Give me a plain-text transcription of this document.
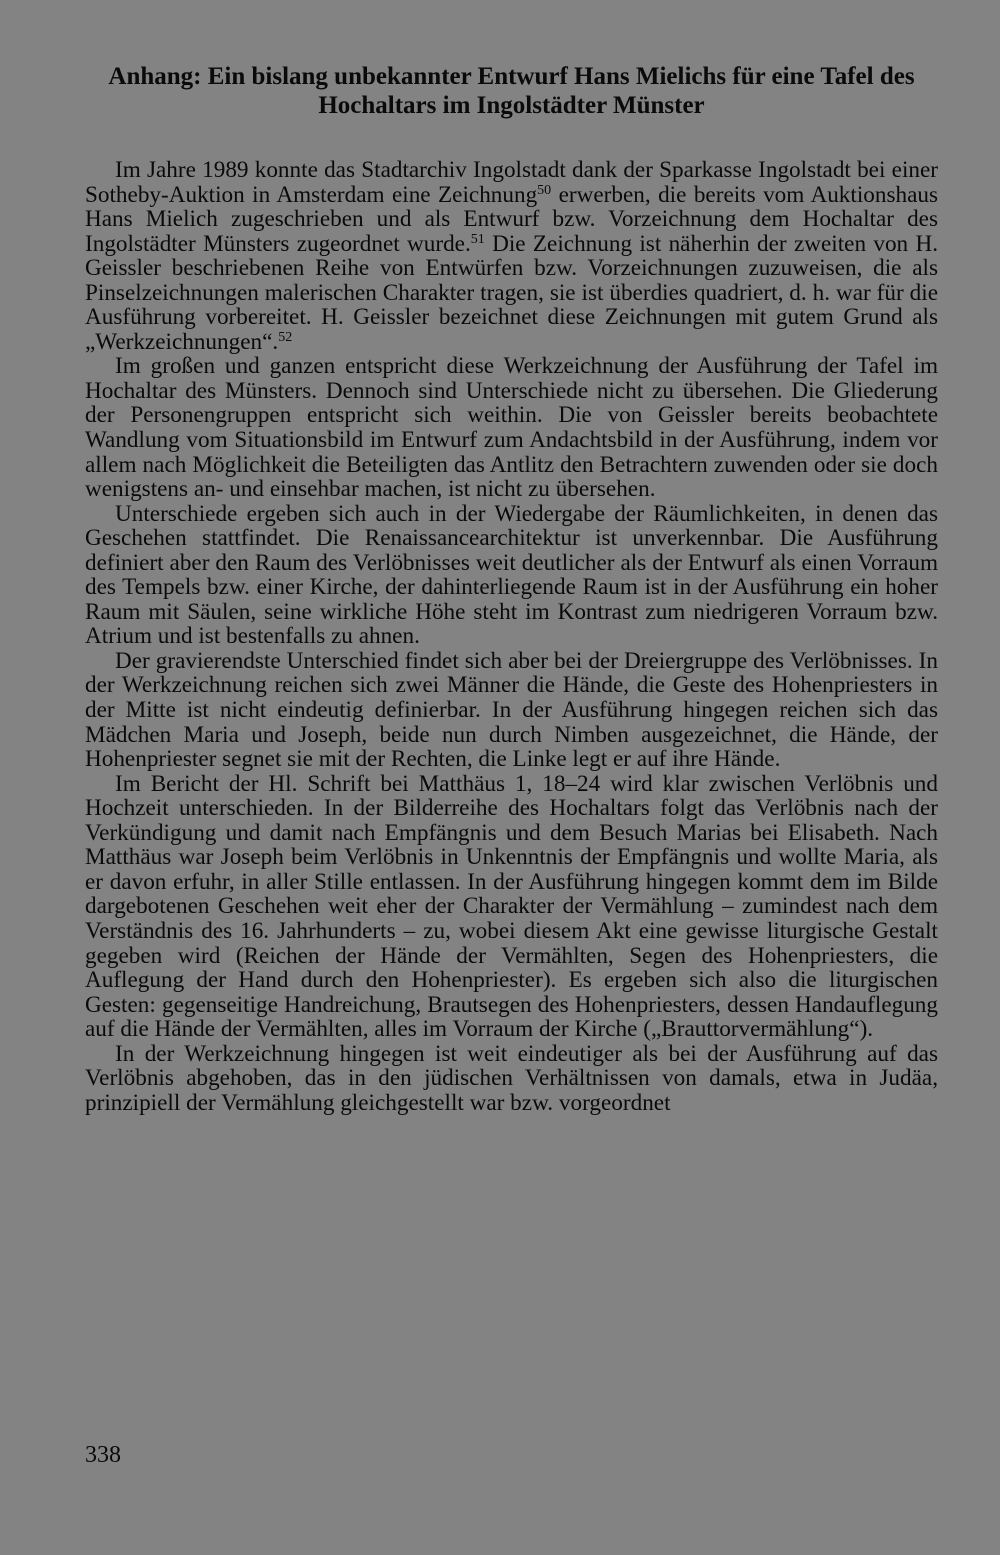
Anhang: Ein bislang unbekannter Entwurf Hans Mielichs für eine Tafel des
Hochaltars im Ingolstädter Münster

Im Jahre 1989 konnte das Stadtarchiv Ingolstadt dank der Sparkasse Ingolstadt bei einer Sotheby-Auktion in Amsterdam eine Zeichnung$^{50}$ erwerben, die bereits vom Auktionshaus Hans Mielich zugeschrieben und als Entwurf bzw. Vorzeichnung dem Hochaltar des Ingolstädter Münsters zugeordnet wurde.$^{51}$ Die Zeichnung ist näherhin der zweiten von H. Geissler beschriebenen Reihe von Entwürfen bzw. Vorzeichnungen zuzuweisen, die als Pinselzeichnungen malerischen Charakter tragen, sie ist überdies quadriert, d. h. war für die Ausführung vorbereitet. H. Geissler bezeichnet diese Zeichnungen mit gutem Grund als „Werkzeichnungen“.$^{52}$

Im großen und ganzen entspricht diese Werkzeichnung der Ausführung der Tafel im Hochaltar des Münsters. Dennoch sind Unterschiede nicht zu übersehen. Die Gliederung der Personengruppen entspricht sich weithin. Die von Geissler bereits beobachtete Wandlung vom Situationsbild im Entwurf zum Andachtsbild in der Ausführung, indem vor allem nach Möglichkeit die Beteiligten das Antlitz den Betrachtern zuwenden oder sie doch wenigstens an- und einsehbar machen, ist nicht zu übersehen.

Unterschiede ergeben sich auch in der Wiedergabe der Räumlichkeiten, in denen das Geschehen stattfindet. Die Renaissancearchitektur ist unverkennbar. Die Ausführung definiert aber den Raum des Verlöbnisses weit deutlicher als der Entwurf als einen Vorraum des Tempels bzw. einer Kirche, der dahinterliegende Raum ist in der Ausführung ein hoher Raum mit Säulen, seine wirkliche Höhe steht im Kontrast zum niedrigeren Vorraum bzw. Atrium und ist bestenfalls zu ahnen.

Der gravierendste Unterschied findet sich aber bei der Dreiergruppe des Verlöbnisses. In der Werkzeichnung reichen sich zwei Männer die Hände, die Geste des Hohenpriesters in der Mitte ist nicht eindeutig definierbar. In der Ausführung hingegen reichen sich das Mädchen Maria und Joseph, beide nun durch Nimben ausgezeichnet, die Hände, der Hohenpriester segnet sie mit der Rechten, die Linke legt er auf ihre Hände.

Im Bericht der Hl. Schrift bei Matthäus 1, 18–24 wird klar zwischen Verlöbnis und Hochzeit unterschieden. In der Bilderreihe des Hochaltars folgt das Verlöbnis nach der Verkündigung und damit nach Empfängnis und dem Besuch Marias bei Elisabeth. Nach Matthäus war Joseph beim Verlöbnis in Unkenntnis der Empfängnis und wollte Maria, als er davon erfuhr, in aller Stille entlassen. In der Ausführung hingegen kommt dem im Bilde dargebotenen Geschehen weit eher der Charakter der Vermählung – zumindest nach dem Verständnis des 16. Jahrhunderts – zu, wobei diesem Akt eine gewisse liturgische Gestalt gegeben wird (Reichen der Hände der Vermählten, Segen des Hohenpriesters, die Auflegung der Hand durch den Hohenpriester). Es ergeben sich also die liturgischen Gesten: gegenseitige Handreichung, Brautsegen des Hohenpriesters, dessen Handauflegung auf die Hände der Vermählten, alles im Vorraum der Kirche („Brauttorvermählung“).

In der Werkzeichnung hingegen ist weit eindeutiger als bei der Ausführung auf das Verlöbnis abgehoben, das in den jüdischen Verhältnissen von damals, etwa in Judäa, prinzipiell der Vermählung gleichgestellt war bzw. vorgeordnet

338
